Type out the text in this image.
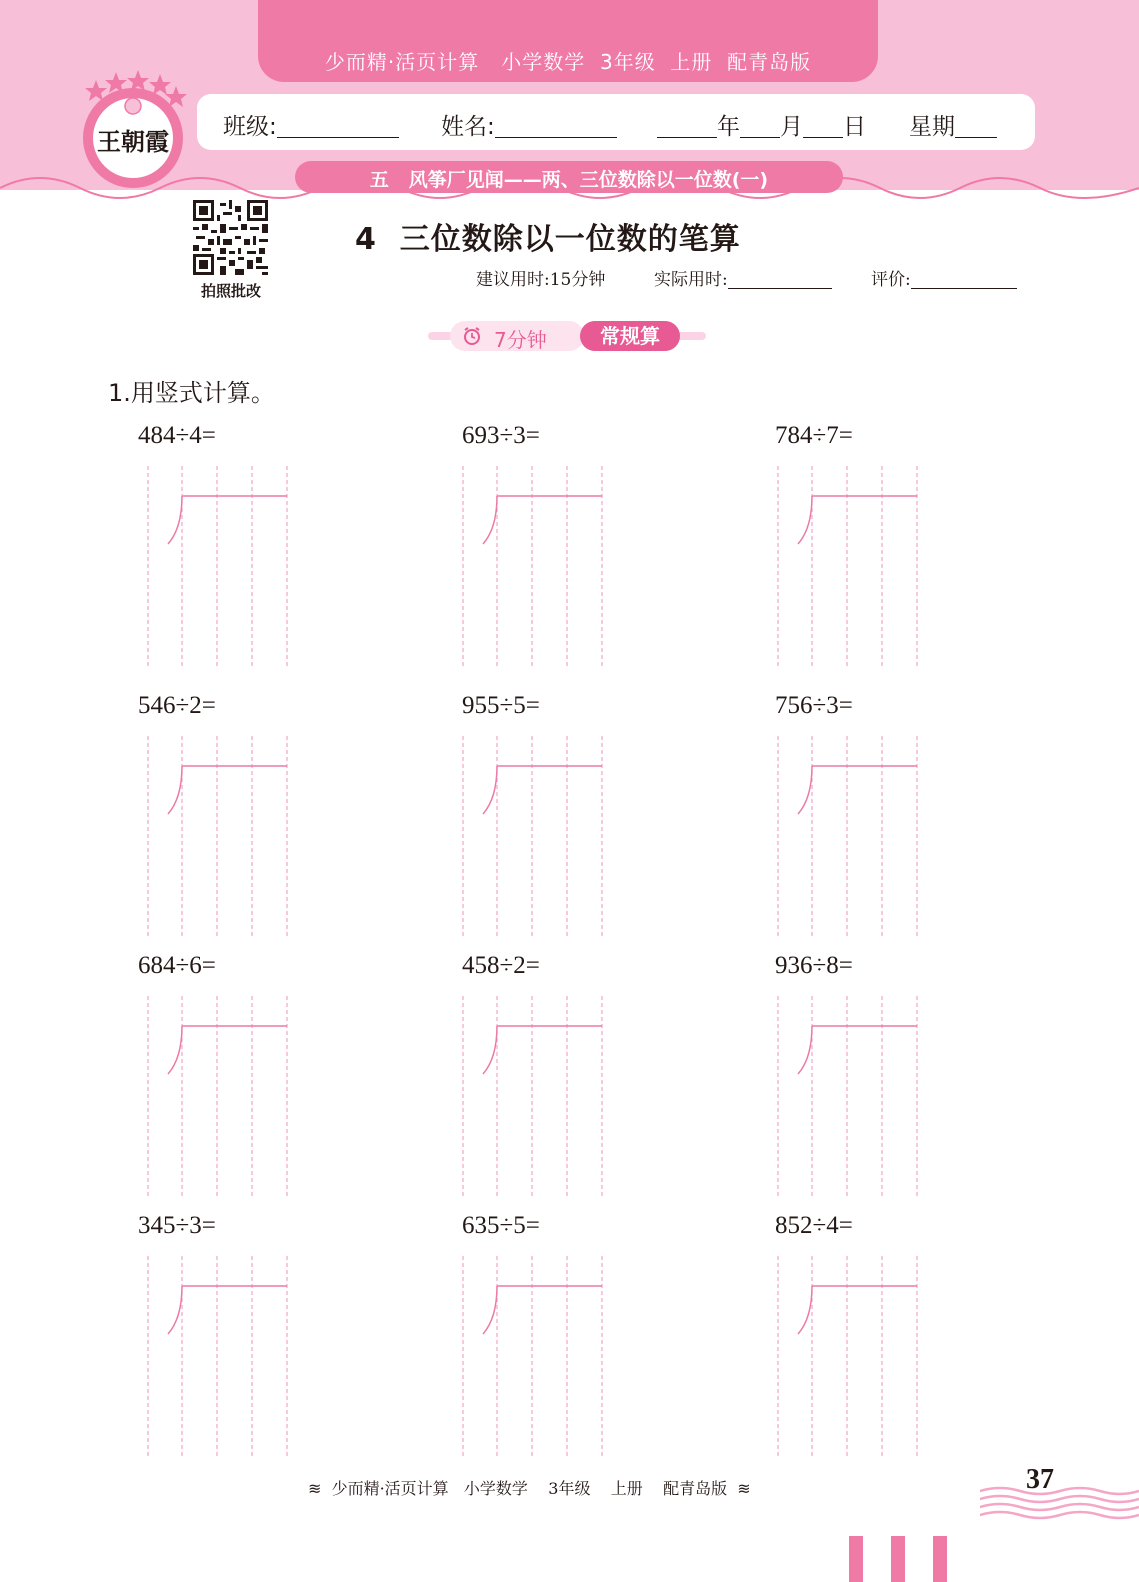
少而精·活页计算   小学数学  3年级  上册  配青岛版
王朝霞 班级:	姓名:	年 月 日 星期
五   风筝厂见闻——两、三位数除以一位数(一)
拍照批改
4  三位数除以一位数的笔算
建议用时:15分钟	实际用时:	评价:
7分钟	常规算
1.用竖式计算。
484÷4=	693÷3=	784÷7=
546÷2=	955÷5=	756÷3=
684÷6=	458÷2=	936÷8=
345÷3=	635÷5=	852÷4=
≋  少而精·活页计算   小学数学    3年级    上册    配青岛版  ≋	37
